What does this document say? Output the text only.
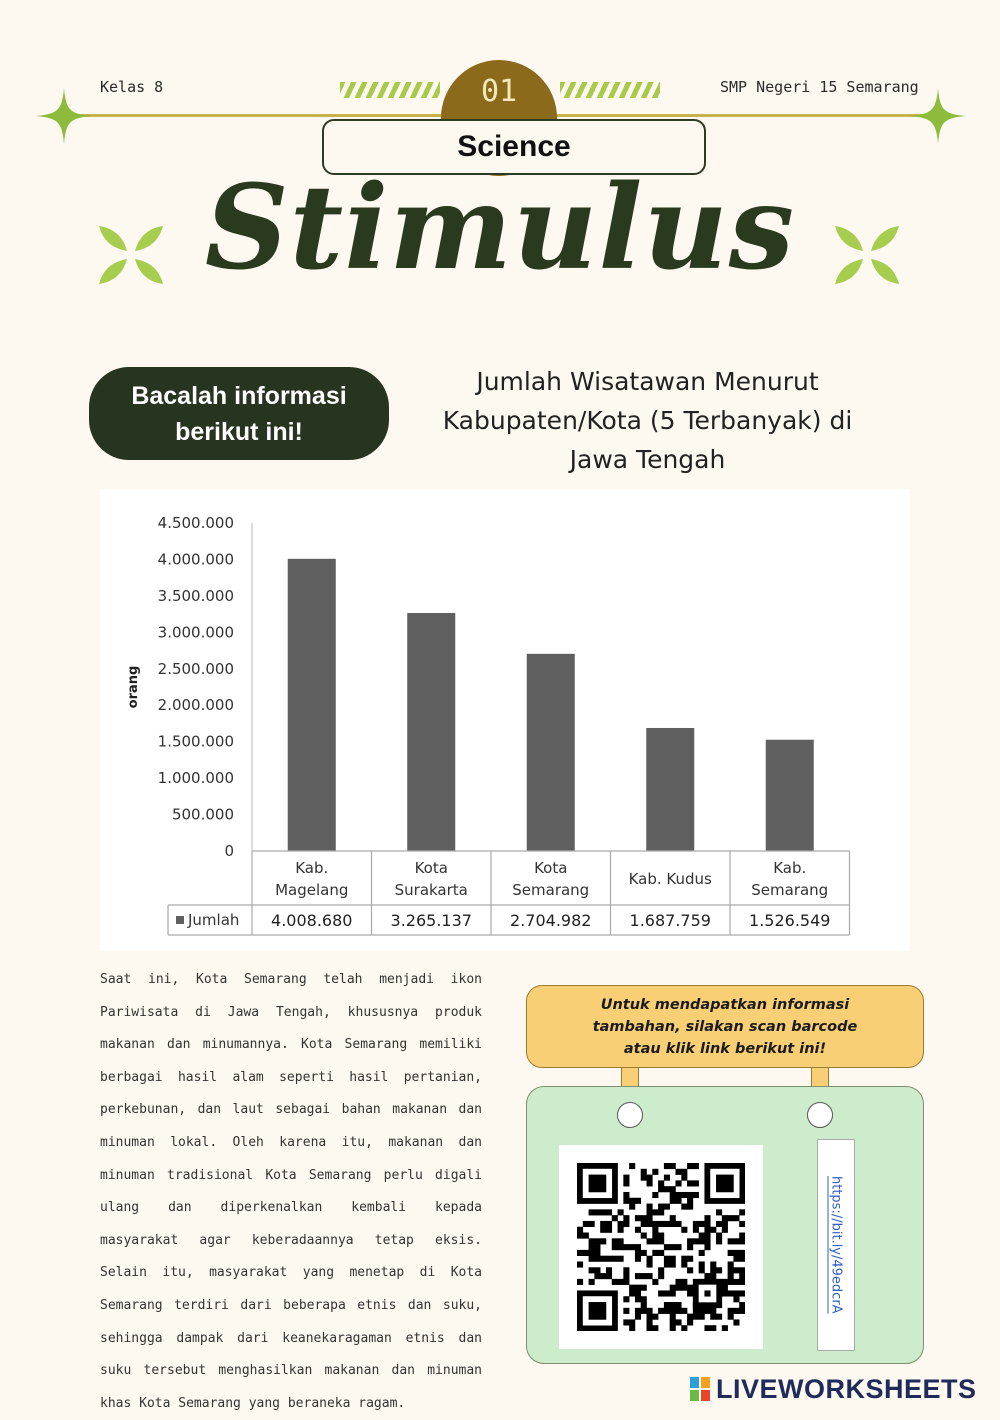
Kelas 8	SMP Negeri 15 Semarang
01
Science
Stimulus
Bacalah informasi
berikut ini!
Jumlah Wisatawan Menurut
Kabupaten/Kota (5 Terbanyak) di
Jawa Tengah
4.500.000
4.000.000
3.500.000
3.000.000
2.500.000
2.000.000
1.500.000
1.000.000
500.000
0
orang
Kab.
Magelang
Kota
Surakarta
Kota
Semarang
Kab. Kudus
Kab.
Semarang
Jumlah 4.008.680 3.265.137 2.704.982 1.687.759 1.526.549
Saat ini, Kota Semarang telah menjadi ikon Pariwisata di Jawa Tengah, khususnya produk makanan dan minumannya. Kota Semarang memiliki berbagai hasil alam seperti hasil pertanian, perkebunan, dan laut sebagai bahan makanan dan minuman lokal. Oleh karena itu, makanan dan minuman tradisional Kota Semarang perlu digali ulang dan diperkenalkan kembali kepada masyarakat agar keberadaannya tetap eksis. Selain itu, masyarakat yang menetap di Kota Semarang terdiri dari beberapa etnis dan suku, sehingga dampak dari keanekaragaman etnis dan suku tersebut menghasilkan makanan dan minuman khas Kota Semarang yang beraneka ragam.
Untuk mendapatkan informasi
tambahan, silakan scan barcode
atau klik link berikut ini!
https://bit.ly/49edcrA
LIVEWORKSHEETS
